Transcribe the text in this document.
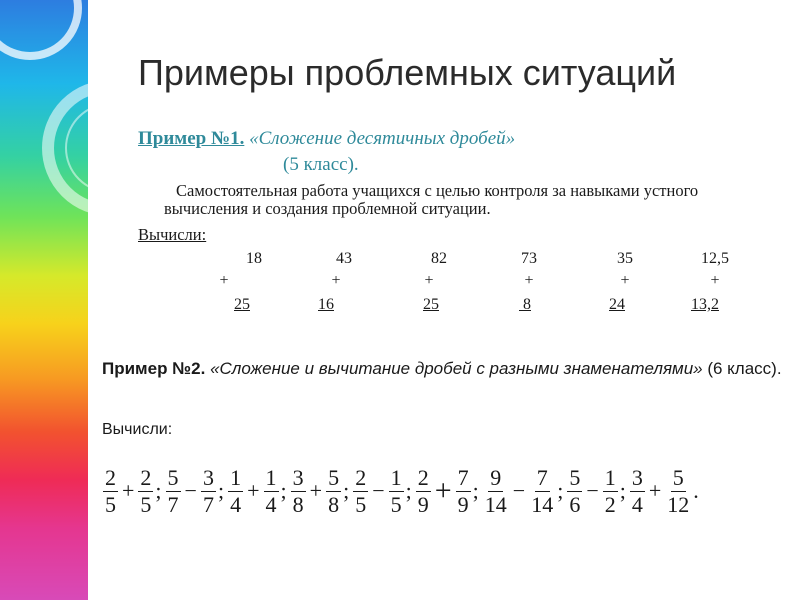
Примеры проблемных ситуаций
Пример №1. «Сложение десятичных дробей»
(5 класс).
Самостоятельная работа учащихся с целью контроля за навыками устного вычисления и создания проблемной ситуации.
Вычисли:
18
+
25
43
+
16
82
+
25
73
+
8
35
+
24
12,5
+
13,2
Пример №2. «Сложение и вычитание дробей с разными знаменателями» (6 класс).
Вычисли:
$\frac{2}{5} + \frac{2}{5}$ ; $\frac{5}{7} - \frac{3}{7}$ ; $\frac{1}{4} + \frac{1}{4}$ ; $\frac{3}{8} + \frac{5}{8}$ ; $\frac{2}{5} - \frac{1}{5}$ ; $\frac{2}{9} + \frac{7}{9}$ ; $\frac{9}{14} - \frac{7}{14}$ ; $\frac{5}{6} - \frac{1}{2}$ ; $\frac{3}{4} + \frac{5}{12}$ .
